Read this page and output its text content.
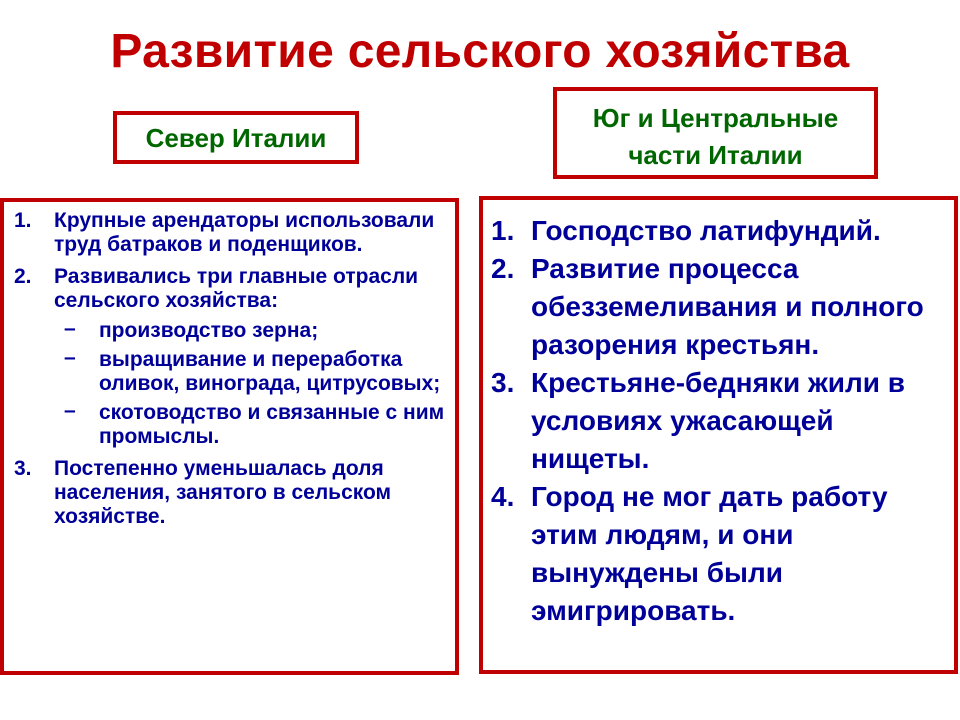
Развитие сельского хозяйства
Север Италии
Юг и Центральные
части Италии
1. Крупные арендаторы использовали труд батраков и поденщиков.
2. Развивались три главные отрасли сельского хозяйства:
– производство зерна;
– выращивание и переработка оливок, винограда, цитрусовых;
– скотоводство и связанные с ним промыслы.
3. Постепенно уменьшалась доля населения, занятого в сельском хозяйстве.
1. Господство латифундий.
2. Развитие процесса обезземеливания и полного разорения крестьян.
3. Крестьяне-бедняки жили в условиях ужасающей нищеты.
4. Город не мог дать работу этим людям, и они вынуждены были эмигрировать.
